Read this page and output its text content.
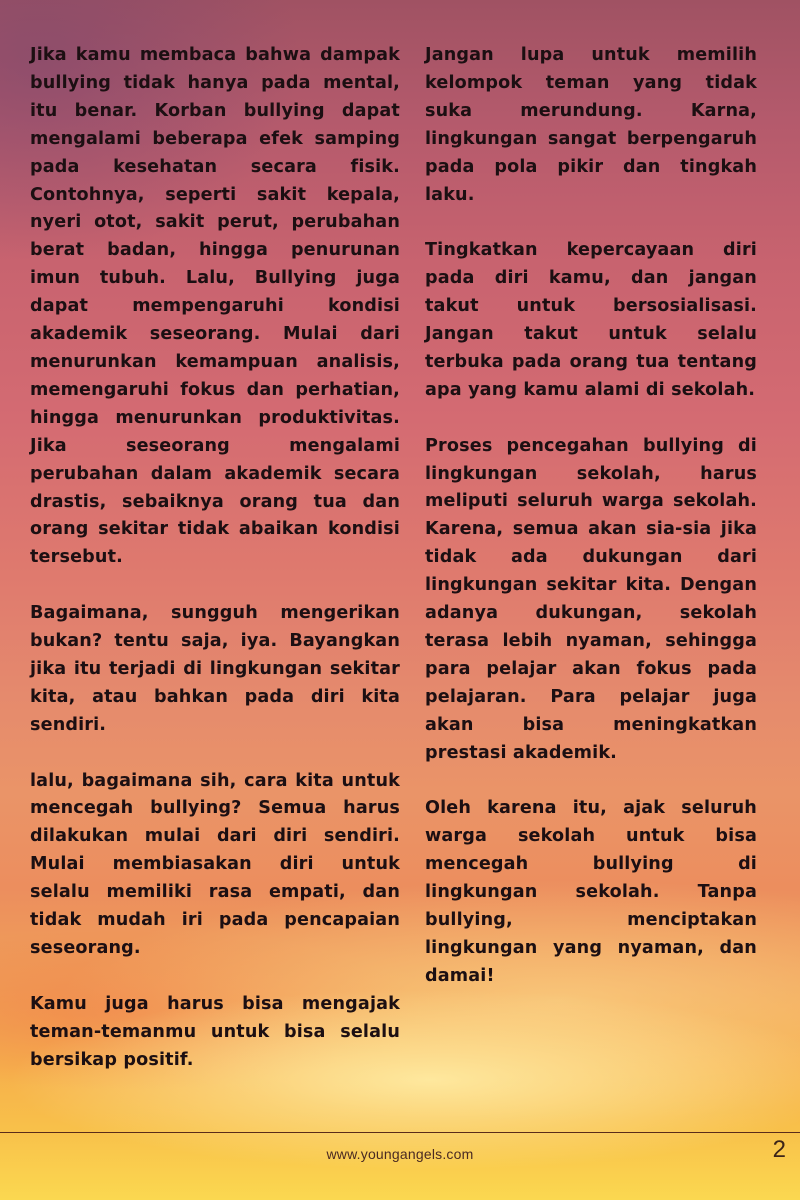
Jika kamu membaca bahwa dampak bullying tidak hanya pada mental, itu benar. Korban bullying dapat mengalami beberapa efek samping pada kesehatan secara fisik. Contohnya, seperti sakit kepala, nyeri otot, sakit perut, perubahan berat badan, hingga penurunan imun tubuh. Lalu, Bullying juga dapat mempengaruhi kondisi akademik seseorang. Mulai dari menurunkan kemampuan analisis, memengaruhi fokus dan perhatian, hingga menurunkan produktivitas. Jika seseorang mengalami perubahan dalam akademik secara drastis, sebaiknya orang tua dan orang sekitar tidak abaikan kondisi tersebut.

Bagaimana, sungguh mengerikan bukan? tentu saja, iya. Bayangkan jika itu terjadi di lingkungan sekitar kita, atau bahkan pada diri kita sendiri.

lalu, bagaimana sih, cara kita untuk mencegah bullying? Semua harus dilakukan mulai dari diri sendiri. Mulai membiasakan diri untuk selalu memiliki rasa empati, dan tidak mudah iri pada pencapaian seseorang.

Kamu juga harus bisa mengajak teman-temanmu untuk bisa selalu bersikap positif.

Jangan lupa untuk memilih kelompok teman yang tidak suka merundung. Karna, lingkungan sangat berpengaruh pada pola pikir dan tingkah laku.

Tingkatkan kepercayaan diri pada diri kamu, dan jangan takut untuk bersosialisasi. Jangan takut untuk selalu terbuka pada orang tua tentang apa yang kamu alami di sekolah.

Proses pencegahan bullying di lingkungan sekolah, harus meliputi seluruh warga sekolah. Karena, semua akan sia-sia jika tidak ada dukungan dari lingkungan sekitar kita. Dengan adanya dukungan, sekolah terasa lebih nyaman, sehingga para pelajar akan fokus pada pelajaran. Para pelajar juga akan bisa meningkatkan prestasi akademik.

Oleh karena itu, ajak seluruh warga sekolah untuk bisa mencegah bullying di lingkungan sekolah. Tanpa bullying, menciptakan lingkungan yang nyaman, dan damai!

www.youngangels.com	2
